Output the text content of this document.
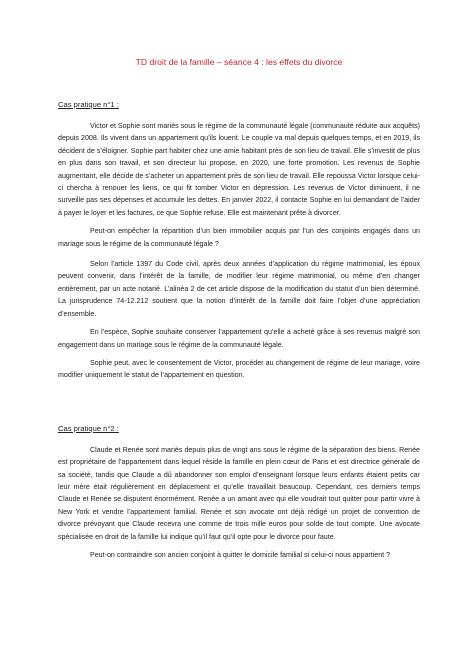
TD droit de la famille – séance 4 : les effets du divorce
Cas pratique n°1 :

Victor et Sophie sont mariés sous le régime de la communauté légale (communauté réduite aux acquêts) depuis 2008. Ils vivent dans un appartement qu’ils louent. Le couple va mal depuis quelques temps, et en 2019, ils décident de s’éloigner. Sophie part habiter chez une amie habitant près de son lieu de travail. Elle s’investit de plus en plus dans son travail, et son directeur lui propose, en 2020, une forte promotion. Les revenus de Sophie augmentant, elle décide de s’acheter un appartement près de son lieu de travail. Elle repoussa Victor lorsque celui-ci chercha à renouer les liens, ce qui fit tomber Victor en dépression. Les revenus de Victor diminuent, il ne surveille pas ses dépenses et accumule les dettes. En janvier 2022, il contacte Sophie en lui demandant de l’aider à payer le loyer et les factures, ce que Sophie refuse. Elle est maintenant prête à divorcer.

Peut-on empêcher la répartition d’un bien immobilier acquis par l’un des conjoints engagés dans un mariage sous le régime de la communauté légale ?

Selon l’article 1397 du Code civil, après deux années d’application du régime matrimonial, les époux peuvent convenir, dans l’intérêt de la famille, de modifier leur régime matrimonial, ou même d’en changer entièrement, par un acte notarié. L’alinéa 2 de cet article dispose de la modification du statut d’un bien déterminé. La jurisprudence 74-12.212 soutient que la notion d’intérêt de la famille doit faire l’objet d’une appréciation d’ensemble.

En l’espèce, Sophie souhaite conserver l’appartement qu’elle a acheté grâce à ses revenus malgré son engagement dans un mariage sous le régime de la communauté légale.

Sophie peut, avec le consentement de Victor, procéder au changement de régime de leur mariage, voire modifier uniquement le statut de l’appartement en question.

Cas pratique n°2 :

Claude et Renée sont mariés depuis plus de vingt ans sous le régime de la séparation des biens. Renée est propriétaire de l’appartement dans lequel réside la famille en plein cœur de Paris et est directrice générale de sa société, tandis que Claude a dû abandonner son emploi d’enseignant lorsque leurs enfants étaient petits car leur mère était régulièrement en déplacement et qu’elle travaillait beaucoup. Cependant, ces derniers temps Claude et Renée se disputent énormément. Renée a un amant avec qui elle voudrait tout quitter pour partir vivre à New York et vendre l’appartement familial. Renée et son avocate ont déjà rédigé un projet de convention de divorce prévoyant que Claude recevra une comme de trois mille euros pour solde de tout compte. Une avocate spécialisée en droit de la famille lui indique qu’il faut qu’il opte pour le divorce pour faute.

Peut-on contraindre son ancien conjoint à quitter le domicile familial si celui-ci nous appartient ?
